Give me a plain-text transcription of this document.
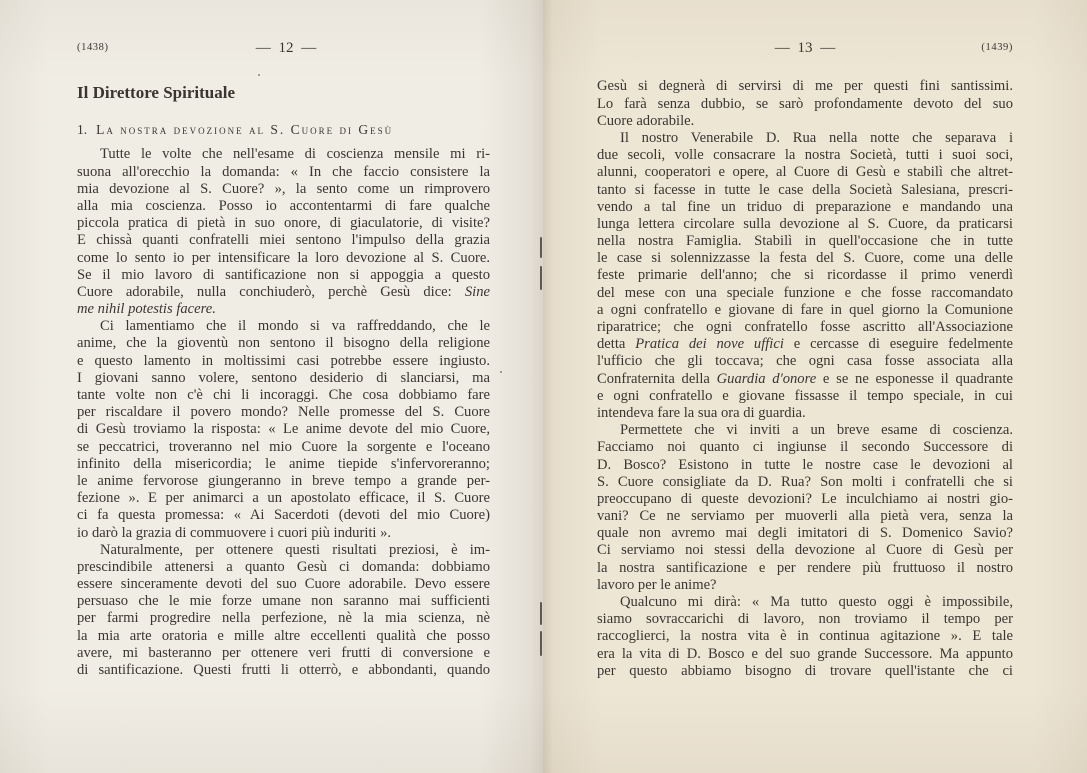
(1438)	— 12 —
Il Direttore Spirituale
1. La nostra devozione al S. Cuore di Gesù
Tutte le volte che nell'esame di coscienza mensile mi ri-
suona all'orecchio la domanda: « In che faccio consistere la
mia devozione al S. Cuore? », la sento come un rimprovero
alla mia coscienza. Posso io accontentarmi di fare qualche
piccola pratica di pietà in suo onore, di giaculatorie, di visite?
E chissà quanti confratelli miei sentono l'impulso della grazia
come lo sento io per intensificare la loro devozione al S. Cuore.
Se il mio lavoro di santificazione non si appoggia a questo
Cuore adorabile, nulla conchiuderò, perchè Gesù dice: Sine
me nihil potestis facere.
Ci lamentiamo che il mondo si va raffreddando, che le
anime, che la gioventù non sentono il bisogno della religione
e questo lamento in moltissimi casi potrebbe essere ingiusto.
I giovani sanno volere, sentono desiderio di slanciarsi, ma
tante volte non c'è chi li incoraggi. Che cosa dobbiamo fare
per riscaldare il povero mondo? Nelle promesse del S. Cuore
di Gesù troviamo la risposta: « Le anime devote del mio Cuore,
se peccatrici, troveranno nel mio Cuore la sorgente e l'oceano
infinito della misericordia; le anime tiepide s'infervoreranno;
le anime fervorose giungeranno in breve tempo a grande per-
fezione ». E per animarci a un apostolato efficace, il S. Cuore
ci fa questa promessa: « Ai Sacerdoti (devoti del mio Cuore)
io darò la grazia di commuovere i cuori più induriti ».
Naturalmente, per ottenere questi risultati preziosi, è im-
prescindibile attenersi a quanto Gesù ci domanda: dobbiamo
essere sinceramente devoti del suo Cuore adorabile. Devo essere
persuaso che le mie forze umane non saranno mai sufficienti
per farmi progredire nella perfezione, nè la mia scienza, nè
la mia arte oratoria e mille altre eccellenti qualità che posso
avere, mi basteranno per ottenere veri frutti di conversione e
di santificazione. Questi frutti li otterrò, e abbondanti, quando
— 13 —	(1439)
Gesù si degnerà di servirsi di me per questi fini santissimi.
Lo farà senza dubbio, se sarò profondamente devoto del suo
Cuore adorabile.
Il nostro Venerabile D. Rua nella notte che separava i
due secoli, volle consacrare la nostra Società, tutti i suoi soci,
alunni, cooperatori e opere, al Cuore di Gesù e stabilì che altret-
tanto si facesse in tutte le case della Società Salesiana, prescri-
vendo a tal fine un triduo di preparazione e mandando una
lunga lettera circolare sulla devozione al S. Cuore, da praticarsi
nella nostra Famiglia. Stabilì in quell'occasione che in tutte
le case si solennizzasse la festa del S. Cuore, come una delle
feste primarie dell'anno; che si ricordasse il primo venerdì
del mese con una speciale funzione e che fosse raccomandato
a ogni confratello e giovane di fare in quel giorno la Comunione
riparatrice; che ogni confratello fosse ascritto all'Associazione
detta Pratica dei nove uffici e cercasse di eseguire fedelmente
l'ufficio che gli toccava; che ogni casa fosse associata alla
Confraternita della Guardia d'onore e se ne esponesse il quadrante
e ogni confratello e giovane fissasse il tempo speciale, in cui
intendeva fare la sua ora di guardia.
Permettete che vi inviti a un breve esame di coscienza.
Facciamo noi quanto ci ingiunse il secondo Successore di
D. Bosco? Esistono in tutte le nostre case le devozioni al
S. Cuore consigliate da D. Rua? Son molti i confratelli che si
preoccupano di queste devozioni? Le inculchiamo ai nostri gio-
vani? Ce ne serviamo per muoverli alla pietà vera, senza la
quale non avremo mai degli imitatori di S. Domenico Savio?
Ci serviamo noi stessi della devozione al Cuore di Gesù per
la nostra santificazione e per rendere più fruttuoso il nostro
lavoro per le anime?
Qualcuno mi dirà: « Ma tutto questo oggi è impossibile,
siamo sovraccarichi di lavoro, non troviamo il tempo per
raccoglierci, la nostra vita è in continua agitazione ». E tale
era la vita di D. Bosco e del suo grande Successore. Ma appunto
per questo abbiamo bisogno di trovare quell'istante che ci
